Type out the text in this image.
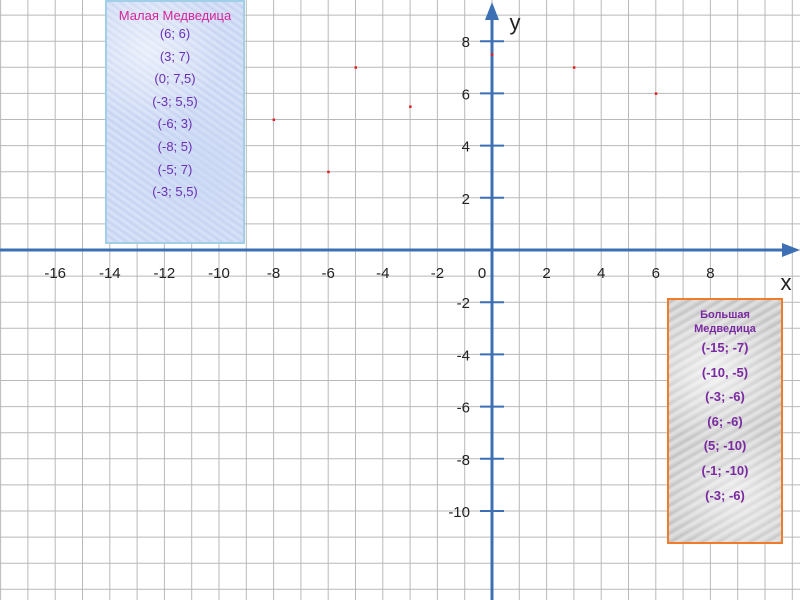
x
y
-16 -14 -12 -10 -8	-6	-4	-2 0	2	4	6	8
8
6
4
2
-2
-4
-6
-8
-10
Малая Медведица
(6; 6)
(3; 7)
(0; 7,5)
(-3; 5,5)
(-6; 3)
(-8; 5)
(-5; 7)
(-3; 5,5)
Большая Медведица
(-15; -7)
(-10, -5)
(-3; -6)
(6; -6)
(5; -10)
(-1; -10)
(-3; -6)
